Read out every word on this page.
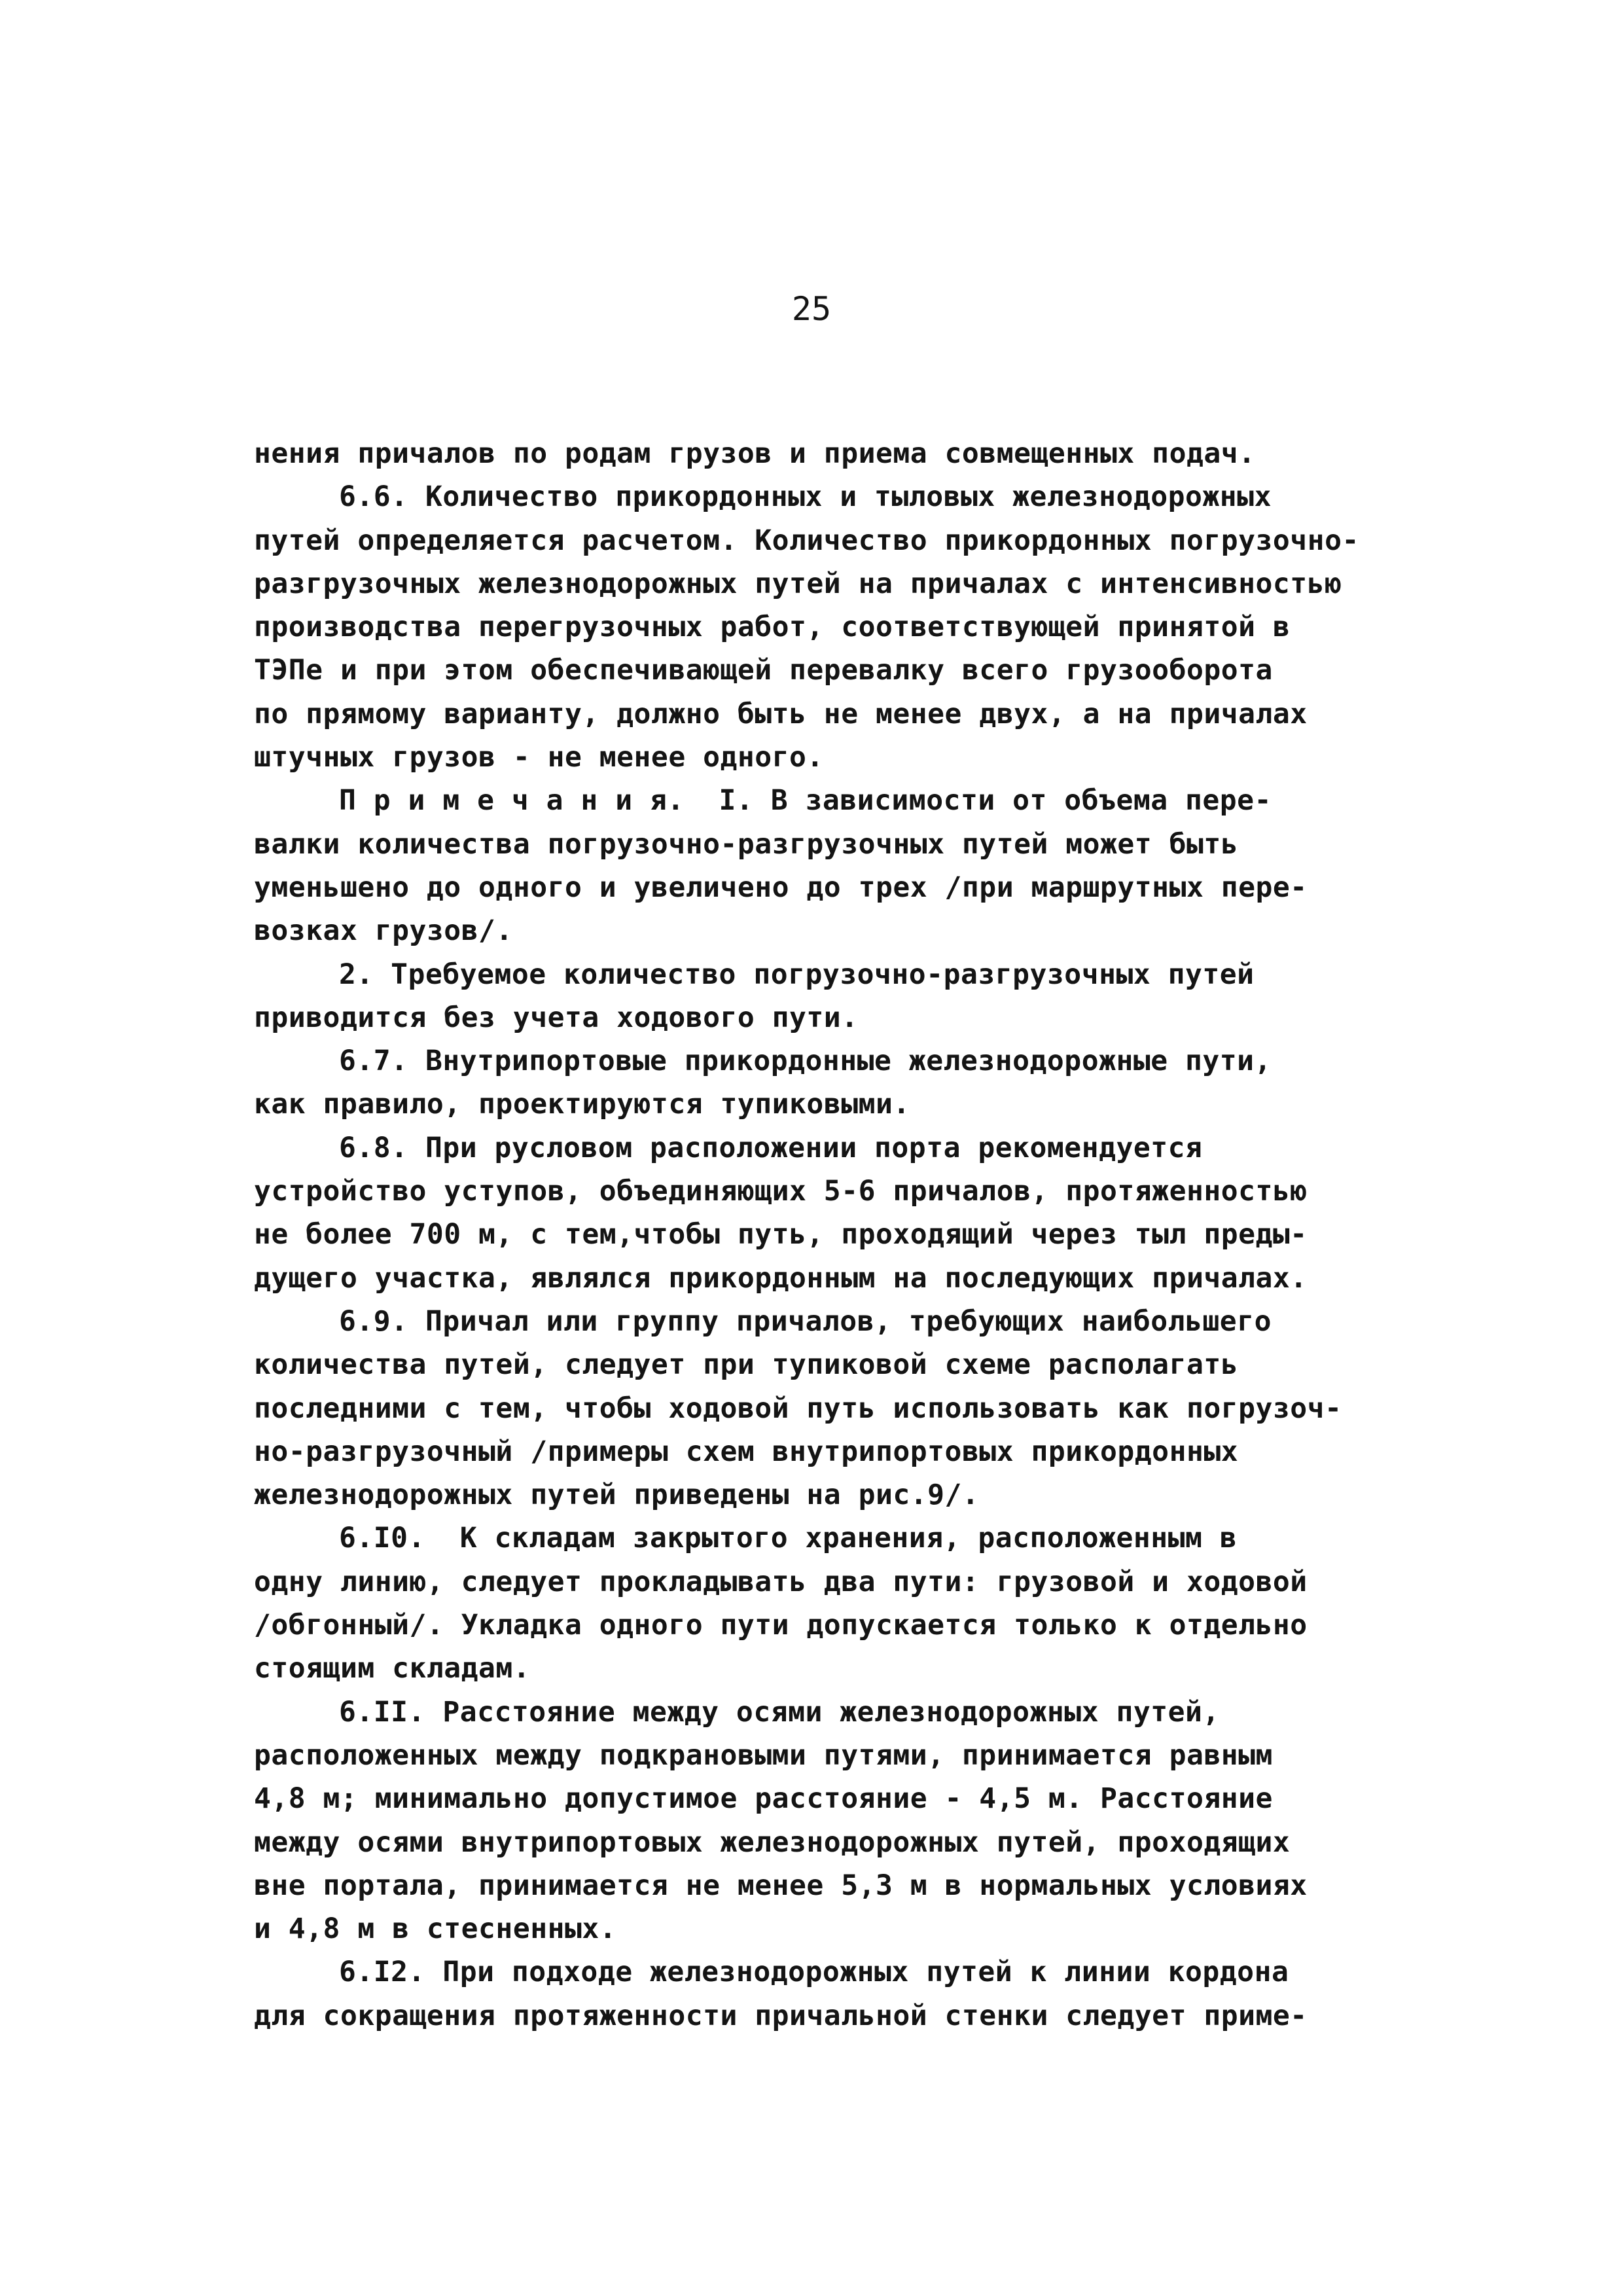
25
нения причалов по родам грузов и приема совмещенных подач.
6.6. Количество прикордонных и тыловых железнодорожных
путей определяется расчетом. Количество прикордонных погрузочно-
разгрузочных железнодорожных путей на причалах с интенсивностью
производства перегрузочных работ, соответствующей принятой в
ТЭПе и при этом обеспечивающей перевалку всего грузооборота
по прямому варианту, должно быть не менее двух, а на причалах
штучных грузов - не менее одного.
П р и м е ч а н и я.  I. В зависимости от объема пере-
валки количества погрузочно-разгрузочных путей может быть
уменьшено до одного и увеличено до трех /при маршрутных пере-
возках грузов/.
2. Требуемое количество погрузочно-разгрузочных путей
приводится без учета ходового пути.
6.7. Внутрипортовые прикордонные железнодорожные пути,
как правило, проектируются тупиковыми.
6.8. При русловом расположении порта рекомендуется
устройство уступов, объединяющих 5-6 причалов, протяженностью
не более 700 м, с тем,чтобы путь, проходящий через тыл преды-
дущего участка, являлся прикордонным на последующих причалах.
6.9. Причал или группу причалов, требующих наибольшего
количества путей, следует при тупиковой схеме располагать
последними с тем, чтобы ходовой путь использовать как погрузоч-
но-разгрузочный /примеры схем внутрипортовых прикордонных
железнодорожных путей приведены на рис.9/.
6.I0.  К складам закрытого хранения, расположенным в
одну линию, следует прокладывать два пути: грузовой и ходовой
/обгонный/. Укладка одного пути допускается только к отдельно
стоящим складам.
6.II. Расстояние между осями железнодорожных путей,
расположенных между подкрановыми путями, принимается равным
4,8 м; минимально допустимое расстояние - 4,5 м. Расстояние
между осями внутрипортовых железнодорожных путей, проходящих
вне портала, принимается не менее 5,3 м в нормальных условиях
и 4,8 м в стесненных.
6.I2. При подходе железнодорожных путей к линии кордона
для сокращения протяженности причальной стенки следует приме-
